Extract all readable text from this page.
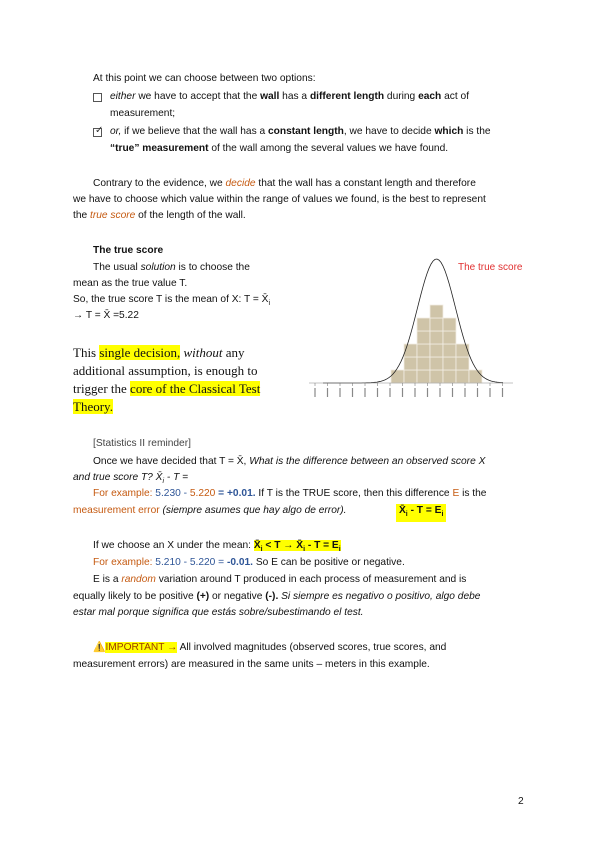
At this point we can choose between two options:
either we have to accept that the wall has a different length during each act of
measurement;
✓ or, if we believe that the wall has a constant length, we have to decide which is the
“true” measurement of the wall among the several values we have found.
Contrary to the evidence, we decide that the wall has a constant length and therefore
we have to choose which value within the range of values we found, is the best to represent
the true score of the length of the wall.
The true score
The usual solution is to choose the
mean as the true value T.
So, the true score T is the mean of X: $T = X̄_i$
→ T = X̄ =5.22
This single decision, without any
additional assumption, is enough to
trigger the core of the Classical Test
Theory.
The true score
[Statistics II reminder]
Once we have decided that T = X̄, What is the difference between an observed score X
and true score T? $X̄_i$ - T =
For example: 5.230 - 5.220 = +0.01. If T is the TRUE score, then this difference E is the
measurement error (siempre asumes que hay algo de error).	$X̄_i - T = E_i$
If we choose an X under the mean: $X̄_i < T$ → $X̄_i - T = E_i$
For example: 5.210 - 5.220 = -0.01. So E can be positive or negative.
E is a random variation around T produced in each process of measurement and is
equally likely to be positive (+) or negative (-). Si siempre es negativo o positivo, algo debe
estar mal porque significa que estás sobre/subestimando el test.
⚠️IMPORTANT → All involved magnitudes (observed scores, true scores, and
measurement errors) are measured in the same units – meters in this example.
2
